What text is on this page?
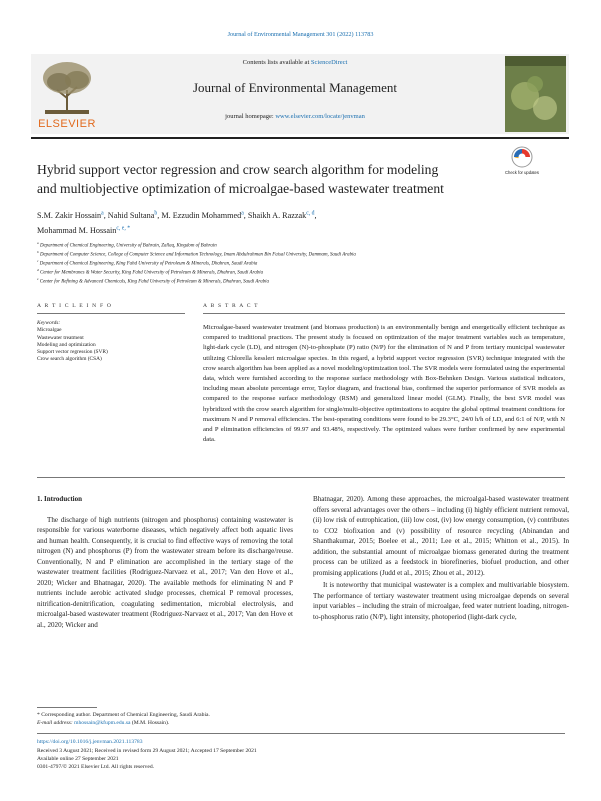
Journal of Environmental Management 301 (2022) 113783
ELSEVIER
Contents lists available at ScienceDirect
Journal of Environmental Management
journal homepage: www.elsevier.com/locate/jenvman
Hybrid support vector regression and crow search algorithm for modeling
and multiobjective optimization of microalgae-based wastewater treatment
Check for updates
S.M. Zakir Hossain$^a$, Nahid Sultana$^b$, M. Ezzudin Mohammed$^a$, Shaikh A. Razzak$^{c, d}$,
Mohammad M. Hossain$^{c, e, *}$
$^a$ Department of Chemical Engineering, University of Bahrain, Zallaq, Kingdom of Bahrain
$^b$ Department of Computer Science, College of Computer Science and Information Technology, Imam Abdulrahman Bin Faisal University, Dammam, Saudi Arabia
$^c$ Department of Chemical Engineering, King Fahd University of Petroleum & Minerals, Dhahran, Saudi Arabia
$^d$ Center for Membranes & Water Security, King Fahd University of Petroleum & Minerals, Dhahran, Saudi Arabia
$^e$ Center for Refining & Advanced Chemicals, King Fahd University of Petroleum & Minerals, Dhahran, Saudi Arabia
A R T I C L E I N F O	A B S T R A C T
Keywords:
Microalgae
Wastewater treatment
Modeling and optimization
Support vector regression (SVR)
Crow search algorithm (CSA)
Microalgae-based wastewater treatment (and biomass production) is an environmentally benign and energetically efficient technique as compared to traditional practices. The present study is focused on optimization of the major treatment variables such as temperature, light-dark cycle (LD), and nitrogen (N)-to-phosphate (P) ratio (N/P) for the elimination of N and P from tertiary municipal wastewater utilizing Chlorella kessleri microalgae species. In this regard, a hybrid support vector regression (SVR) technique integrated with the crow search algorithm has been applied as a novel modeling/optimization tool. The SVR models were formulated using the experimental data, which were furnished according to the response surface methodology with Box-Behnken Design. Various statistical indicators, including mean absolute percentage error, Taylor diagram, and fractional bias, confirmed the superior performance of SVR models as compared to the response surface methodology (RSM) and generalized linear model (GLM). Finally, the best SVR model was hybridized with the crow search algorithm for single/multi-objective optimizations to acquire the global optimal treatment conditions for maximum N and P removal efficiencies. The best-operating conditions were found to be 29.3°C, 24/0 h/h of LD, and 6:1 of N/P, with N and P elimination efficiencies of 99.97 and 93.48%, respectively. The optimized values were further confirmed by new experimental data.
1. Introduction
The discharge of high nutrients (nitrogen and phosphorus) containing wastewater is responsible for various waterborne diseases, which negatively affect both aquatic lives and human health. Consequently, it is crucial to find effective ways of removing the total nitrogen (N) and phosphorus (P) from the wastewater stream before its discharge/reuse. Conventionally, N and P elimination are accomplished in the tertiary stage of the wastewater treatment facilities (Rodriguez-Narvaez et al., 2017; Van den Hove et al., 2020; Wicker and Bhatnagar, 2020). The available methods for eliminating N and P nutrients include aerobic activated sludge processes, chemical P removal processes, nitrification-denitrification, coagulating sedimentation, microbial electrolysis, and microalgal-based wastewater treatment (Rodriguez-Narvaez et al., 2017; Van den Hove et al., 2020; Wicker and
Bhatnagar, 2020). Among these approaches, the microalgal-based wastewater treatment offers several advantages over the others – including (i) highly efficient nutrient removal, (ii) low risk of eutrophication, (iii) low cost, (iv) low energy consumption, (v) contributes to CO2 biofixation and (v) possibility of resource recycling (Abinandan and Shanthakumar, 2015; Boelee et al., 2011; Lee et al., 2015; Whitton et al., 2015). In addition, the substantial amount of microalgae biomass generated during the treatment process can be utilized as a feedstock in biorefineries, biofuel production, and other promising applications (Judd et al., 2015; Zhou et al., 2012).
It is noteworthy that municipal wastewater is a complex and multivariable biosystem. The performance of tertiary wastewater treatment using microalgae depends on several input variables – including the strain of microalgae, feed water nutrient loading, nitrogen-to-phosphorus ratio (N/P), light intensity, photoperiod (light-dark cycle,
* Corresponding author. Department of Chemical Engineering, Saudi Arabia.
E-mail address: mhossain@kfupm.edu.sa (M.M. Hossain).
https://doi.org/10.1016/j.jenvman.2021.113783
Received 3 August 2021; Received in revised form 29 August 2021; Accepted 17 September 2021
Available online 27 September 2021
0301-4797/© 2021 Elsevier Ltd. All rights reserved.
